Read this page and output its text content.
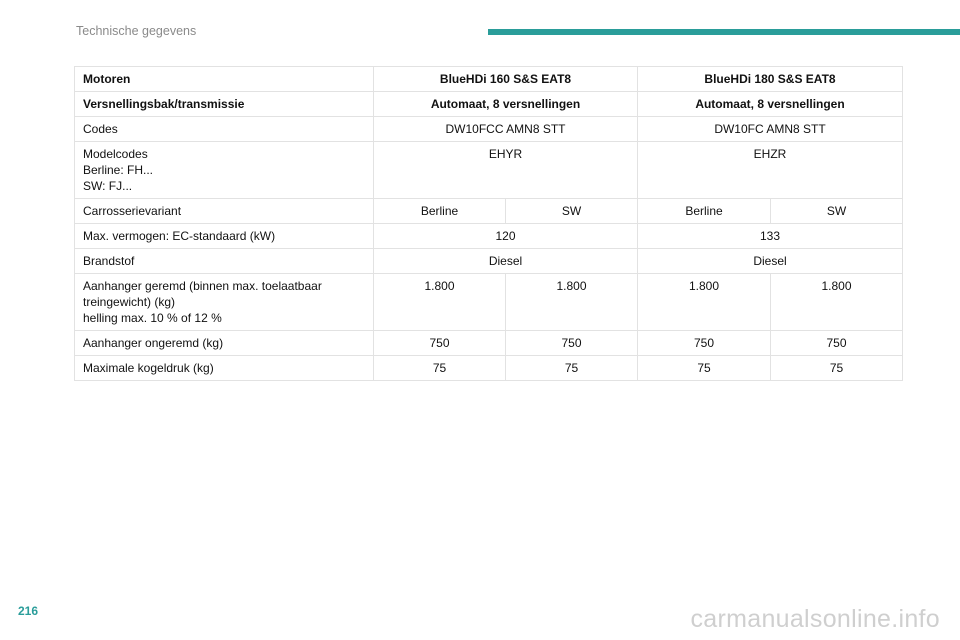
Technische gegevens
Motoren	BlueHDi 160 S&S EAT8		BlueHDi 180 S&S EAT8	
Versnellingsbak/transmissie	Automaat, 8 versnellingen		Automaat, 8 versnellingen	
Codes	DW10FCC AMN8 STT		DW10FC AMN8 STT	

Modelcodes
Berline: FH...
SW: FJ...	EHYR		EHZR	
Carrosserievariant	Berline	SW	Berline	SW
Max. vermogen: EC-standaard (kW)	120		133	
Brandstof	Diesel		Diesel	

Aanhanger geremd (binnen max. toelaatbaar
treingewicht) (kg)
helling max. 10 % of 12 %	1.800	1.800	1.800	1.800
Aanhanger ongeremd (kg)	750	750	750	750
Maximale kogeldruk (kg)	75	75	75	75
216	carmanualsonline.info
